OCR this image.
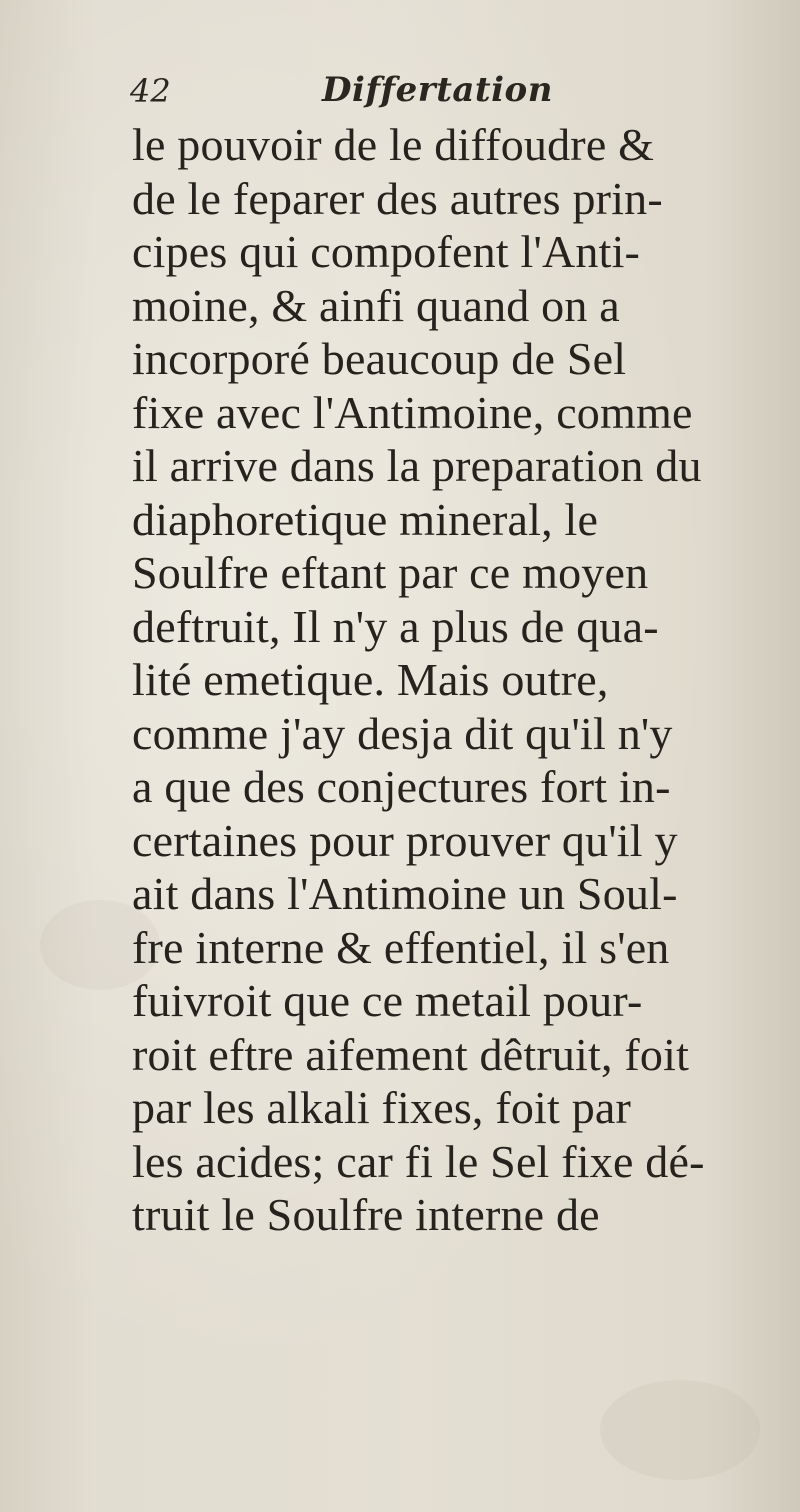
42	Differtation
le pouvoir de le diffoudre &
de le feparer des autres prin-
cipes qui compofent l'Anti-
moine, & ainfi quand on a
incorporé beaucoup de Sel
fixe avec l'Antimoine, comme
il arrive dans la preparation du
diaphoretique mineral, le
Soulfre eftant par ce moyen
deftruit, Il n'y a plus de qua-
lité emetique. Mais outre,
comme j'ay desja dit qu'il n'y
a que des conjectures fort in-
certaines pour prouver qu'il y
ait dans l'Antimoine un Soul-
fre interne & effentiel, il s'en
fuivroit que ce metail pour-
roit eftre aifement dêtruit, foit
par les alkali fixes, foit par
les acides; car fi le Sel fixe dé-
truit le Soulfre interne de
